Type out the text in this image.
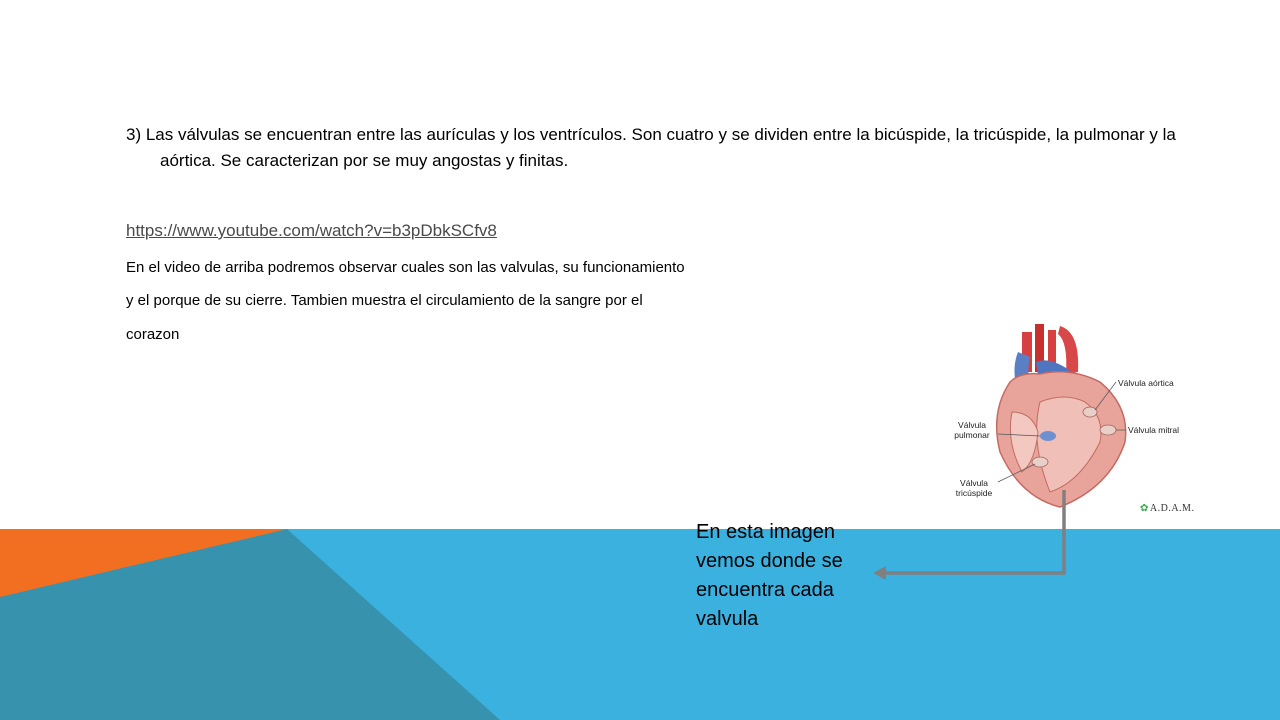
3) Las válvulas se encuentran entre las aurículas y los ventrículos. Son cuatro y se dividen entre la bicúspide, la tricúspide, la pulmonar y la aórtica. Se caracterizan por se muy angostas y finitas.
https://www.youtube.com/watch?v=b3pDbkSCfv8
En el video de arriba podremos observar cuales son las valvulas, su funcionamiento
y el porque de su cierre. Tambien muestra el circulamiento de la sangre por el
corazon
Válvula aórtica
Válvula mitral
Válvula pulmonar
Válvula tricúspide
✿A.D.A.M.
En esta imagen vemos donde se encuentra cada valvula
